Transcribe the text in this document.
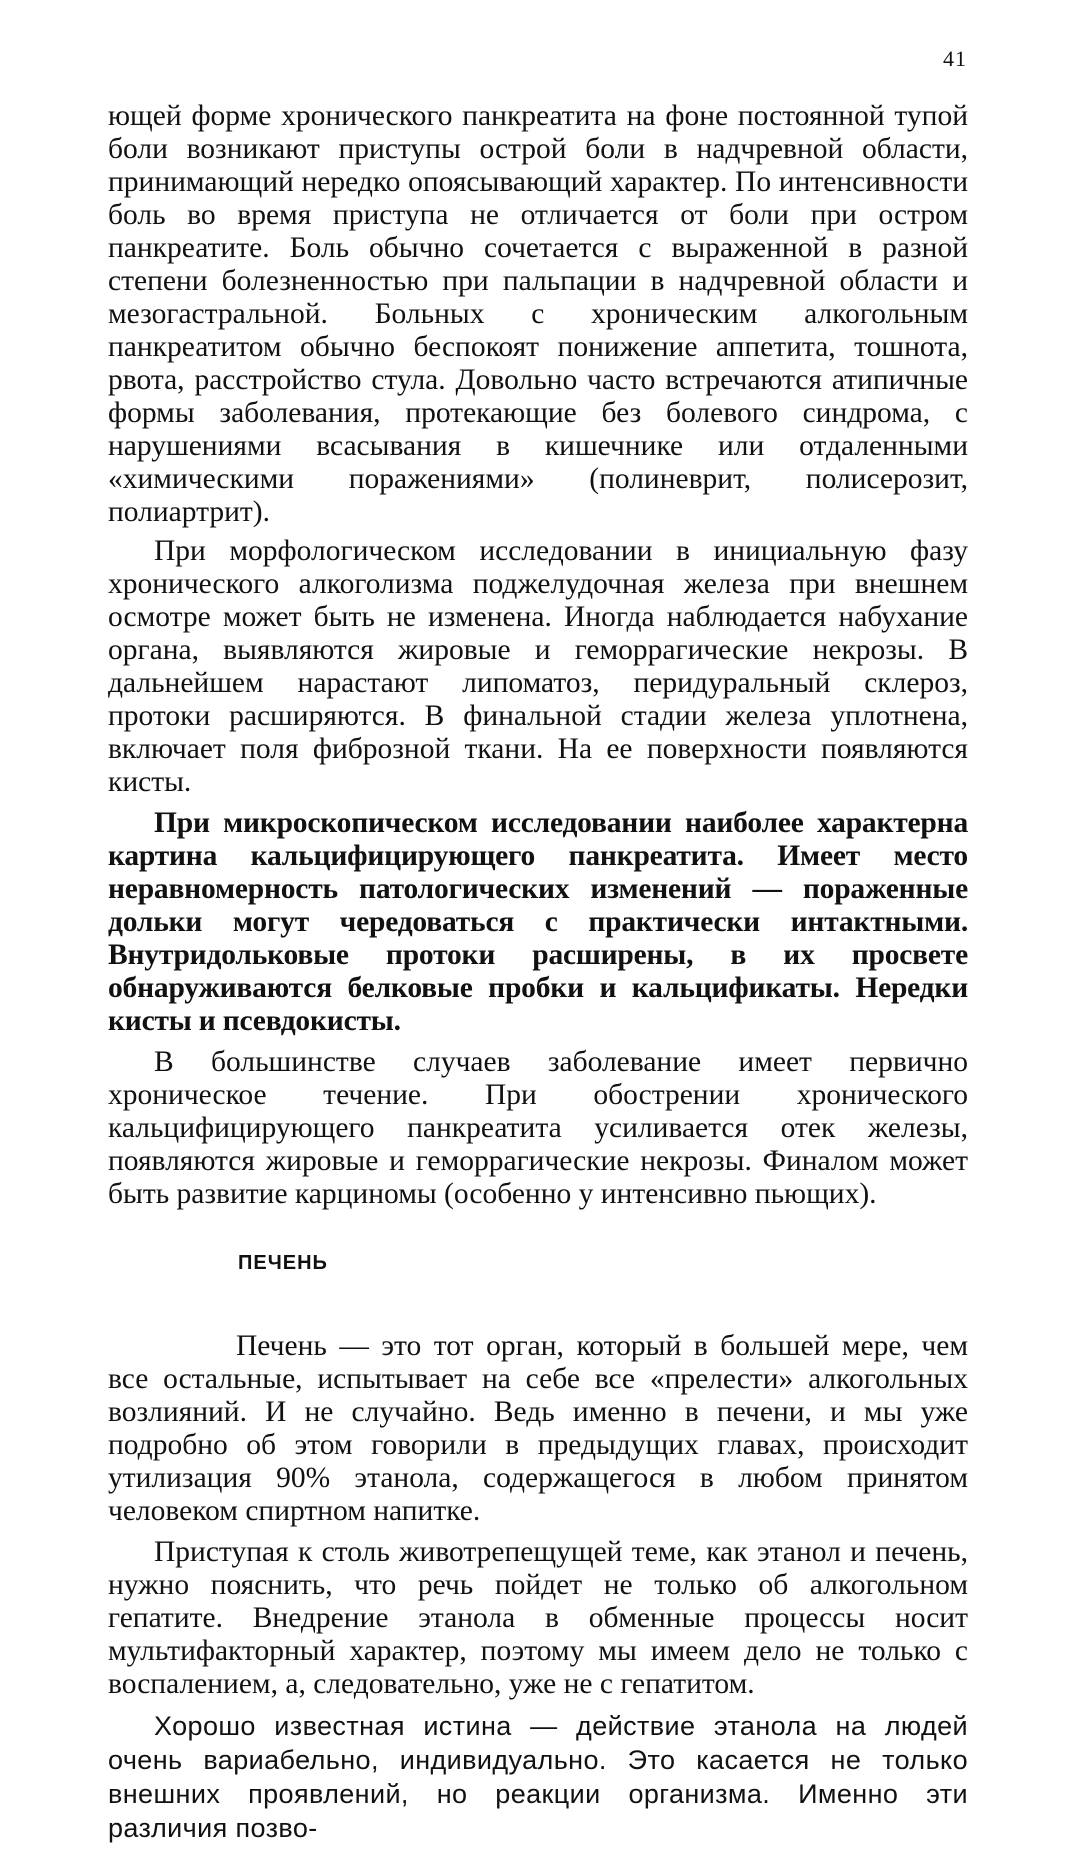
41

ющей форме хронического панкреатита на фоне постоянной тупой боли возникают приступы острой боли в надчревной области, принимающий нередко опоясывающий характер. По интенсивности боль во время приступа не отличается от боли при остром панкреатите. Боль обычно сочетается с выраженной в разной степени болезненностью при пальпации в надчревной области и мезогастральной. Больных с хроническим алкогольным панкреатитом обычно беспокоят понижение аппетита, тошнота, рвота, расстройство стула. Довольно часто встречаются атипичные формы заболевания, протекающие без болевого синдрома, с нарушениями всасывания в кишечнике или отдаленными «химическими поражениями» (полиневрит, полисерозит, полиартрит).

При морфологическом исследовании в инициальную фазу хронического алкоголизма поджелудочная железа при внешнем осмотре может быть не изменена. Иногда наблюдается набухание органа, выявляются жировые и геморрагические некрозы. В дальнейшем нарастают липоматоз, перидуральный склероз, протоки расширяются. В финальной стадии железа уплотнена, включает поля фиброзной ткани. На ее поверхности появляются кисты.

При микроскопическом исследовании наиболее характерна картина кальцифицирующего панкреатита. Имеет место неравномерность патологических изменений — пораженные дольки могут чередоваться с практически интактными. Внутридольковые протоки расширены, в их просвете обнаруживаются белковые пробки и кальцификаты. Нередки кисты и псевдокисты.

В большинстве случаев заболевание имеет первично хроническое течение. При обострении хронического кальцифицирующего панкреатита усиливается отек железы, появляются жировые и геморрагические некрозы. Финалом может быть развитие карциномы (особенно у интенсивно пьющих).

ПЕЧЕНЬ

Печень — это тот орган, который в большей мере, чем все остальные, испытывает на себе все «прелести» алкогольных возлияний. И не случайно. Ведь именно в печени, и мы уже подробно об этом говорили в предыдущих главах, происходит утилизация 90% этанола, содержащегося в любом принятом человеком спиртном напитке.

Приступая к столь животрепещущей теме, как этанол и печень, нужно пояснить, что речь пойдет не только об алкогольном гепатите. Внедрение этанола в обменные процессы носит мультифакторный характер, поэтому мы имеем дело не только с воспалением, а, следовательно, уже не с гепатитом.

Хорошо известная истина — действие этанола на людей очень вариабельно, индивидуально. Это касается не только внешних проявлений, но реакции организма. Именно эти различия позво-
